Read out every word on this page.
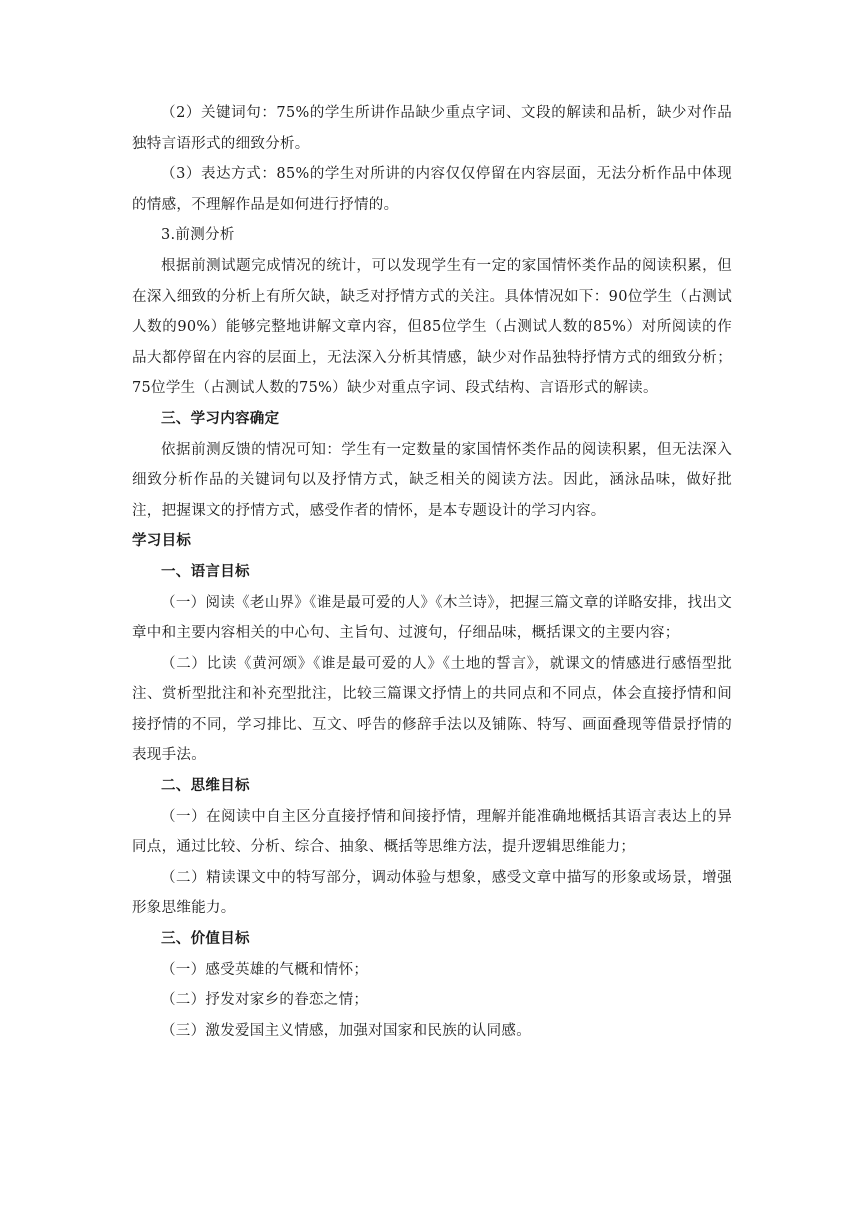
（2）关键词句：75%的学生所讲作品缺少重点字词、文段的解读和品析，缺少对作品独特言语形式的细致分析。

（3）表达方式：85%的学生对所讲的内容仅仅停留在内容层面，无法分析作品中体现的情感，不理解作品是如何进行抒情的。

3.前测分析

根据前测试题完成情况的统计，可以发现学生有一定的家国情怀类作品的阅读积累，但在深入细致的分析上有所欠缺，缺乏对抒情方式的关注。具体情况如下：90位学生（占测试人数的90%）能够完整地讲解文章内容，但85位学生（占测试人数的85%）对所阅读的作品大都停留在内容的层面上，无法深入分析其情感，缺少对作品独特抒情方式的细致分析；75位学生（占测试人数的75%）缺少对重点字词、段式结构、言语形式的解读。

三、学习内容确定

依据前测反馈的情况可知：学生有一定数量的家国情怀类作品的阅读积累，但无法深入细致分析作品的关键词句以及抒情方式，缺乏相关的阅读方法。因此，涵泳品味，做好批注，把握课文的抒情方式，感受作者的情怀，是本专题设计的学习内容。

学习目标

一、语言目标

（一）阅读《老山界》《谁是最可爱的人》《木兰诗》，把握三篇文章的详略安排，找出文章中和主要内容相关的中心句、主旨句、过渡句，仔细品味，概括课文的主要内容；

（二）比读《黄河颂》《谁是最可爱的人》《土地的誓言》，就课文的情感进行感悟型批注、赏析型批注和补充型批注，比较三篇课文抒情上的共同点和不同点，体会直接抒情和间接抒情的不同，学习排比、互文、呼告的修辞手法以及铺陈、特写、画面叠现等借景抒情的表现手法。

二、思维目标

（一）在阅读中自主区分直接抒情和间接抒情，理解并能准确地概括其语言表达上的异同点，通过比较、分析、综合、抽象、概括等思维方法，提升逻辑思维能力；

（二）精读课文中的特写部分，调动体验与想象，感受文章中描写的形象或场景，增强形象思维能力。

三、价值目标

（一）感受英雄的气概和情怀；

（二）抒发对家乡的眷恋之情；

（三）激发爱国主义情感，加强对国家和民族的认同感。
